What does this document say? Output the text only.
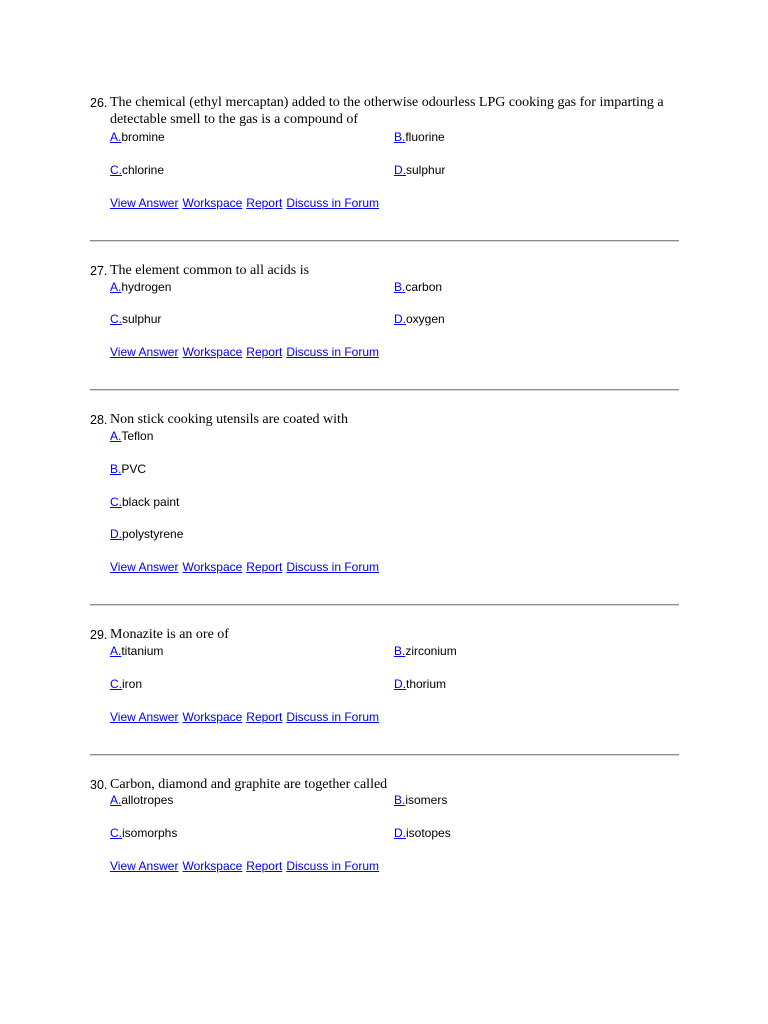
26. The chemical (ethyl mercaptan) added to the otherwise odourless LPG cooking gas for imparting a detectable smell to the gas is a compound of
A.bromine	B.fluorine
C.chlorine	D.sulphur
View Answer Workspace Report Discuss in Forum
27. The element common to all acids is
A.hydrogen	B.carbon
C.sulphur	D.oxygen
View Answer Workspace Report Discuss in Forum
28. Non stick cooking utensils are coated with
A.Teflon
B.PVC
C.black paint
D.polystyrene
View Answer Workspace Report Discuss in Forum
29. Monazite is an ore of
A.titanium	B.zirconium
C.iron	D.thorium
View Answer Workspace Report Discuss in Forum
30. Carbon, diamond and graphite are together called
A.allotropes	B.isomers
C.isomorphs	D.isotopes
View Answer Workspace Report Discuss in Forum
